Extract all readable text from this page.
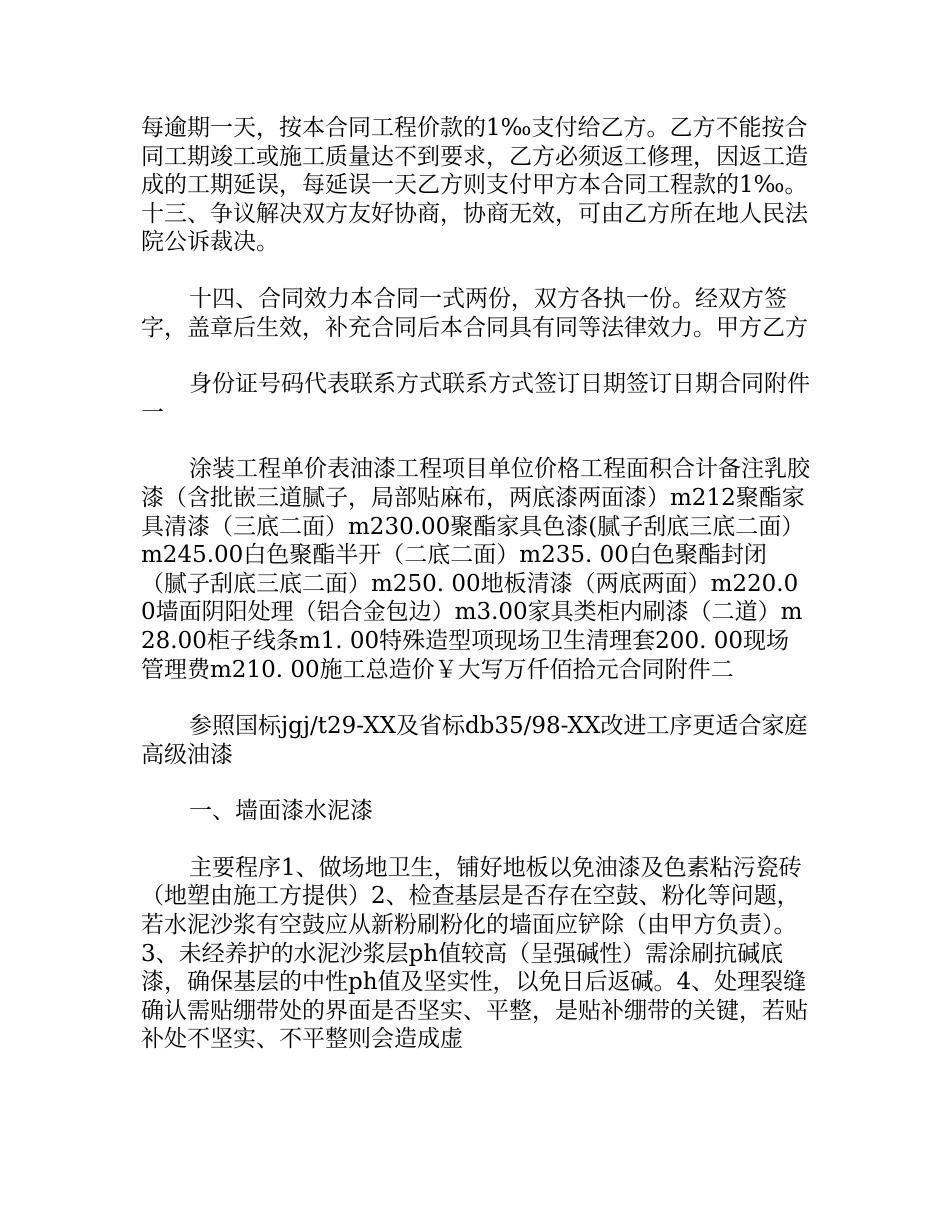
每逾期一天，按本合同工程价款的1‰支付给乙方。乙方不能按合同工期竣工或施工质量达不到要求，乙方必须返工修理，因返工造成的工期延误，每延误一天乙方则支付甲方本合同工程款的1‰。十三、争议解决双方友好协商，协商无效，可由乙方所在地人民法院公诉裁决。

十四、合同效力本合同一式两份，双方各执一份。经双方签字，盖章后生效，补充合同后本合同具有同等法律效力。甲方乙方

身份证号码代表联系方式联系方式签订日期签订日期合同附件一

涂装工程单价表油漆工程项目单位价格工程面积合计备注乳胶漆（含批嵌三道腻子，局部贴麻布，两底漆两面漆）m212聚酯家具清漆（三底二面）m230.00聚酯家具色漆(腻子刮底三底二面）m245.00白色聚酯半开（二底二面）m235. 00白色聚酯封闭（腻子刮底三底二面）m250. 00地板清漆（两底两面）m220.00墙面阴阳处理（铝合金包边）m3.00家具类柜内刷漆（二道）m28.00柜子线条m1. 00特殊造型项现场卫生清理套200. 00现场管理费m210. 00施工总造价￥大写万仟佰拾元合同附件二

参照国标jgj/t29-XX及省标db35/98-XX改进工序更适合家庭高级油漆

一、墙面漆水泥漆

主要程序1、做场地卫生，铺好地板以免油漆及色素粘污瓷砖（地塑由施工方提供）2、检查基层是否存在空鼓、粉化等问题，若水泥沙浆有空鼓应从新粉刷粉化的墙面应铲除（由甲方负责）。3、未经养护的水泥沙浆层ph值较高（呈强碱性）需涂刷抗碱底漆，确保基层的中性ph值及坚实性，以免日后返碱。4、处理裂缝确认需贴绷带处的界面是否坚实、平整，是贴补绷带的关键，若贴补处不坚实、不平整则会造成虚
